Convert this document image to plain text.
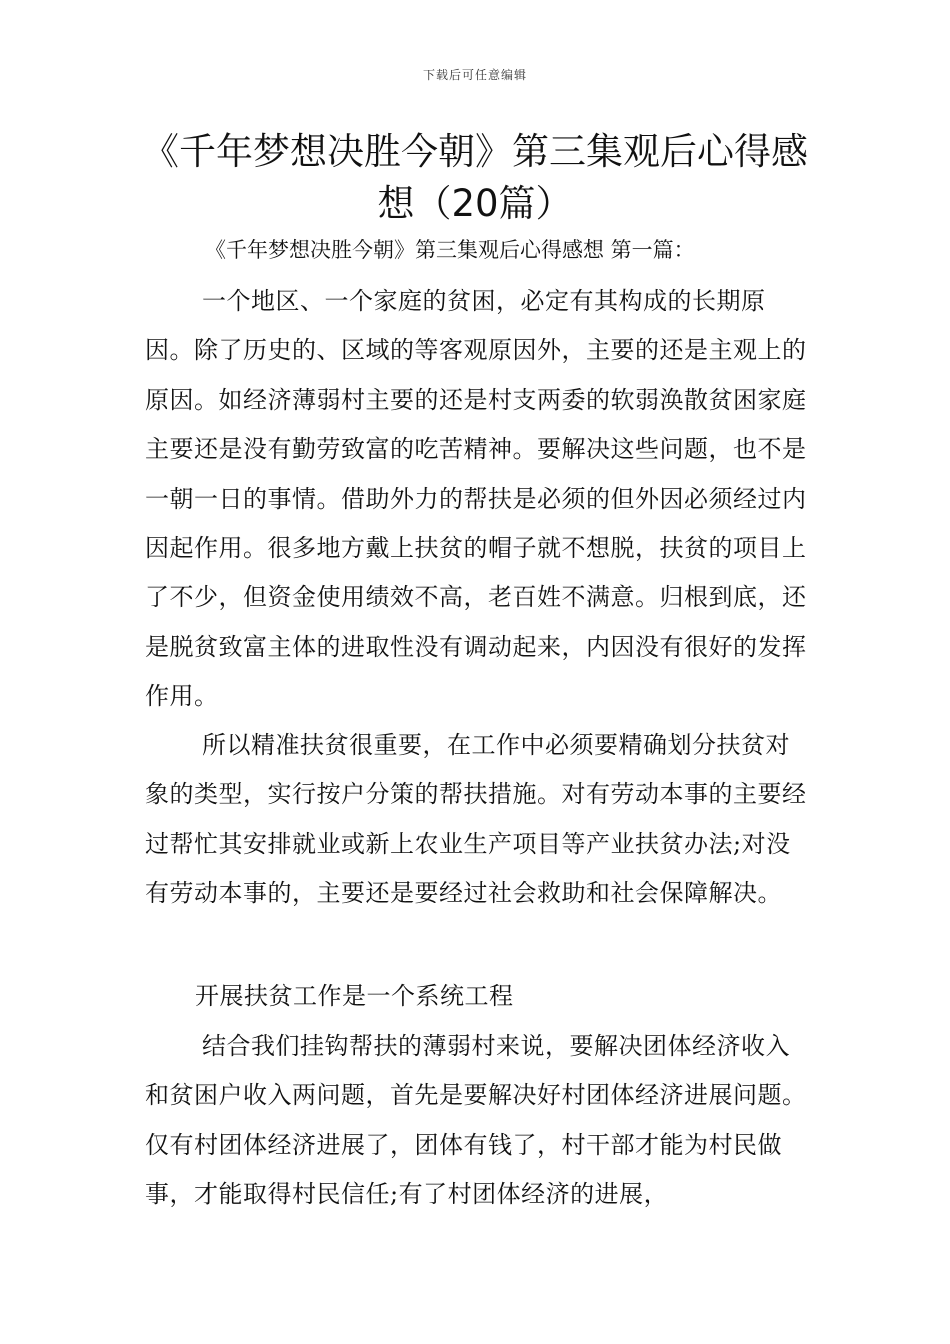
下载后可任意编辑
《千年梦想决胜今朝》第三集观后心得感想（20篇）
《千年梦想决胜今朝》第三集观后心得感想 第一篇：

一个地区、一个家庭的贫困，必定有其构成的长期原因。除了历史的、区域的等客观原因外，主要的还是主观上的原因。如经济薄弱村主要的还是村支两委的软弱涣散贫困家庭主要还是没有勤劳致富的吃苦精神。要解决这些问题，也不是一朝一日的事情。借助外力的帮扶是必须的但外因必须经过内因起作用。很多地方戴上扶贫的帽子就不想脱，扶贫的项目上了不少，但资金使用绩效不高，老百姓不满意。归根到底，还是脱贫致富主体的进取性没有调动起来，内因没有很好的发挥作用。

所以精准扶贫很重要，在工作中必须要精确划分扶贫对象的类型，实行按户分策的帮扶措施。对有劳动本事的主要经过帮忙其安排就业或新上农业生产项目等产业扶贫办法;对没有劳动本事的，主要还是要经过社会救助和社会保障解决。

开展扶贫工作是一个系统工程

结合我们挂钩帮扶的薄弱村来说，要解决团体经济收入和贫困户收入两问题，首先是要解决好村团体经济进展问题。仅有村团体经济进展了，团体有钱了，村干部才能为村民做事，才能取得村民信任;有了村团体经济的进展，
